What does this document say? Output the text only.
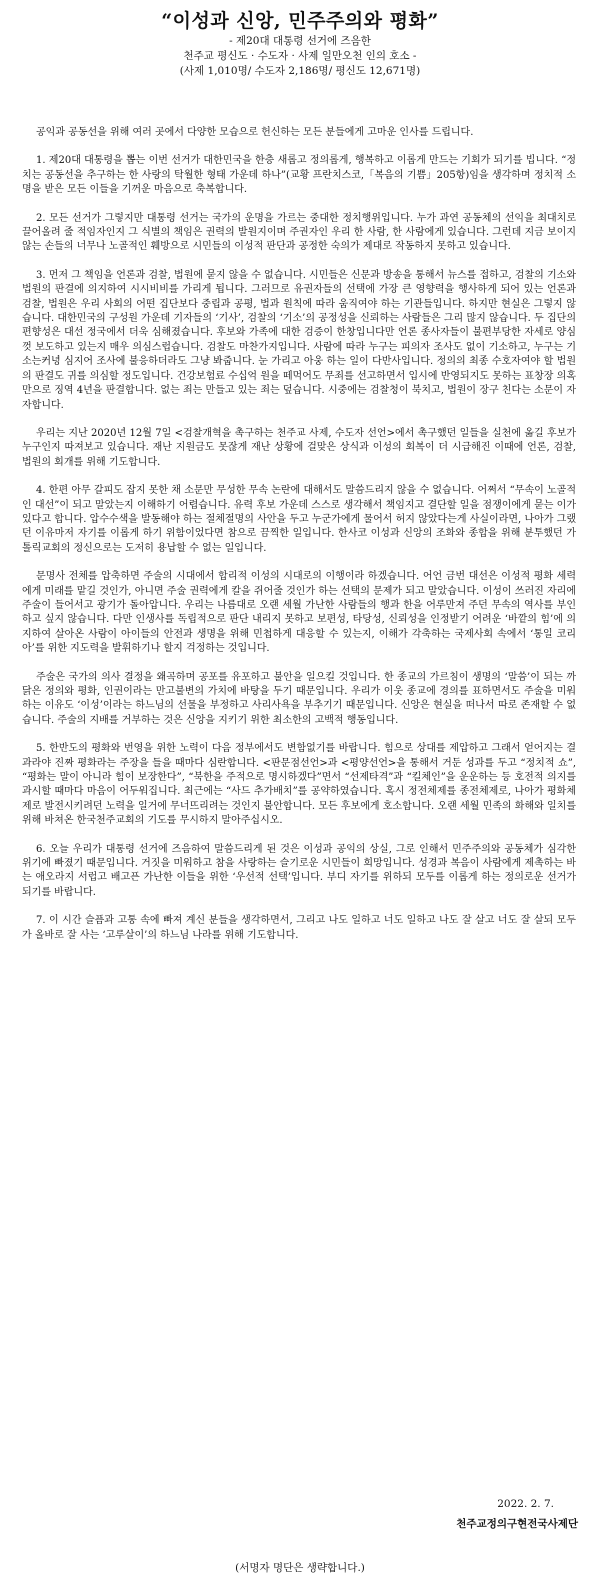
“이성과 신앙, 민주주의와 평화”

- 제20대 대통령 선거에 즈음한

천주교 평신도 · 수도자 · 사제 일만오천 인의 호소 -

(사제 1,010명/ 수도자 2,186명/ 평신도 12,671명)

공익과 공동선을 위해 여러 곳에서 다양한 모습으로 헌신하는 모든 분들에게 고마운 인사를 드립니다.

1. 제20대 대통령을 뽑는 이번 선거가 대한민국을 한층 새롭고 정의롭게, 행복하고 이롭게 만드는 기회가 되기를 빕니다. “정치는 공동선을 추구하는 한 사랑의 탁월한 형태 가운데 하나”(교황 프란치스코,「복음의 기쁨」205항)임을 생각하며 정치적 소명을 받은 모든 이들을 기꺼운 마음으로 축복합니다.

2. 모든 선거가 그렇지만 대통령 선거는 국가의 운명을 가르는 중대한 정치행위입니다. 누가 과연 공동체의 선익을 최대치로 끌어올려 줄 적임자인지 그 식별의 책임은 권력의 발원지이며 주권자인 우리 한 사람, 한 사람에게 있습니다. 그런데 지금 보이지 않는 손들의 너무나 노골적인 훼방으로 시민들의 이성적 판단과 공정한 숙의가 제대로 작동하지 못하고 있습니다.

3. 먼저 그 책임을 언론과 검찰, 법원에 묻지 않을 수 없습니다. 시민들은 신문과 방송을 통해서 뉴스를 접하고, 검찰의 기소와 법원의 판결에 의지하여 시시비비를 가리게 됩니다. 그러므로 유권자들의 선택에 가장 큰 영향력을 행사하게 되어 있는 언론과 검찰, 법원은 우리 사회의 어떤 집단보다 중립과 공평, 법과 원칙에 따라 움직여야 하는 기관들입니다. 하지만 현실은 그렇지 않습니다. 대한민국의 구성원 가운데 기자들의 ‘기사’, 검찰의 ‘기소’의 공정성을 신뢰하는 사람들은 그리 많지 않습니다. 두 집단의 편향성은 대선 정국에서 더욱 심해졌습니다. 후보와 가족에 대한 검증이 한창입니다만 언론 종사자들이 불편부당한 자세로 양심껏 보도하고 있는지 매우 의심스럽습니다. 검찰도 마찬가지입니다. 사람에 따라 누구는 피의자 조사도 없이 기소하고, 누구는 기소는커녕 심지어 조사에 불응하더라도 그냥 봐줍니다. 눈 가리고 아웅 하는 일이 다반사입니다. 정의의 최종 수호자여야 할 법원의 판결도 귀를 의심할 정도입니다. 건강보험료 수십억 원을 떼먹어도 무죄를 선고하면서 입시에 반영되지도 못하는 표창장 의혹만으로 징역 4년을 판결합니다. 없는 죄는 만들고 있는 죄는 덮습니다. 시중에는 검찰청이 북치고, 법원이 장구 친다는 소문이 자자합니다.

우리는 지난 2020년 12월 7일 <검찰개혁을 촉구하는 천주교 사제, 수도자 선언>에서 촉구했던 일들을 실천에 옮길 후보가 누구인지 따져보고 있습니다. 재난 지원금도 못잖게 재난 상황에 걸맞은 상식과 이성의 회복이 더 시급해진 이때에 언론, 검찰, 법원의 회개를 위해 기도합니다.

4. 한편 아무 갈피도 잡지 못한 채 소문만 무성한 무속 논란에 대해서도 말씀드리지 않을 수 없습니다. 어쩌서 “무속이 노골적인 대선”이 되고 말았는지 이해하기 어렵습니다. 유력 후보 가운데 스스로 생각해서 책임지고 결단할 일을 점쟁이에게 묻는 이가 있다고 합니다. 압수수색을 발동해야 하는 절체절명의 사안을 두고 누군가에게 물어서 허지 않았다는게 사실이라면, 나아가 그랬던 이유마저 자기를 이롭게 하기 위함이었다면 참으로 끔찍한 일입니다. 한사코 이성과 신앙의 조화와 종합을 위해 분투했던 가톨릭교회의 정신으로는 도저히 용납할 수 없는 일입니다.

문명사 전체를 압축하면 주술의 시대에서 합리적 이성의 시대로의 이행이라 하겠습니다. 어언 금번 대선은 이성적 평화 세력에게 미래를 맡길 것인가, 아니면 주술 권력에게 칼을 쥐어줄 것인가 하는 선택의 문제가 되고 말았습니다. 이성이 쓰러진 자리에 주술이 들어서고 광기가 돌아압니다. 우리는 나름대로 오랜 세월 가난한 사람들의 행과 한을 어루만져 주던 무속의 역사를 부인하고 싶지 않습니다. 다만 인생사를 독립적으로 판단 내리지 못하고 보편성, 타당성, 신뢰성을 인정받기 어려운 ‘바깥의 힘’에 의지하여 살아온 사람이 아이들의 안전과 생명을 위해 민첩하게 대응할 수 있는지, 이해가 각축하는 국제사회 속에서 ‘통일 코리아’를 위한 지도력을 발휘하기나 할지 걱정하는 것입니다.

주술은 국가의 의사 결정을 왜곡하며 공포를 유포하고 불안을 일으킬 것입니다. 한 종교의 가르침이 생명의 ‘말씀’이 되는 까닭은 정의와 평화, 인권이라는 만고불변의 가치에 바탕을 두기 때문입니다. 우리가 이웃 종교에 경의를 표하면서도 주술을 미워하는 이유도 ‘이성’이라는 하느님의 선물을 부정하고 사리사욕을 부추기기 때문입니다. 신앙은 현실을 떠나서 따로 존재할 수 없습니다. 주술의 지배를 거부하는 것은 신앙을 지키기 위한 최소한의 고백적 행동입니다.

5. 한반도의 평화와 번영을 위한 노력이 다음 정부에서도 변함없기를 바랍니다. 힘으로 상대를 제압하고 그래서 얻어지는 결과라야 진짜 평화라는 주장을 들을 때마다 심란합니다. <판문점선언>과 <평양선언>을 통해서 거둔 성과를 두고 “정치적 쇼”, “평화는 말이 아니라 힘이 보장한다”, “북한을 주적으로 명시하겠다”면서 “선제타격”과 “킬체인”을 운운하는 등 호전적 의지를 과시할 때마다 마음이 어두워집니다. 최근에는 “사드 추가배치”를 공약하였습니다. 혹시 정전체제를 종전체제로, 나아가 평화체제로 발전시키려던 노력을 일거에 무너뜨리려는 것인지 불안합니다. 모든 후보에게 호소합니다. 오랜 세월 민족의 화해와 일치를 위해 바쳐온 한국천주교회의 기도를 무시하지 말아주십시오.

6. 오늘 우리가 대통령 선거에 즈음하여 말씀드리게 된 것은 이성과 공익의 상실, 그로 인해서 민주주의와 공동체가 심각한 위기에 빠졌기 때문입니다. 거짓을 미워하고 참을 사랑하는 슬기로운 시민들이 희망입니다. 성경과 복음이 사람에게 제촉하는 바는 애오라지 서럽고 배고픈 가난한 이들을 위한 ‘우선적 선택’입니다. 부디 자기를 위하되 모두를 이롭게 하는 정의로운 선거가 되기를 바랍니다.

7. 이 시간 슬픔과 고통 속에 빠져 계신 분들을 생각하면서, 그리고 나도 일하고 너도 일하고 나도 잘 살고 너도 잘 살되 모두가 올바로 잘 사는 ‘고루살이’의 하느님 나라를 위해 기도합니다.

2022. 2. 7.
천주교정의구현전국사제단
(서명자 명단은 생략합니다.)
